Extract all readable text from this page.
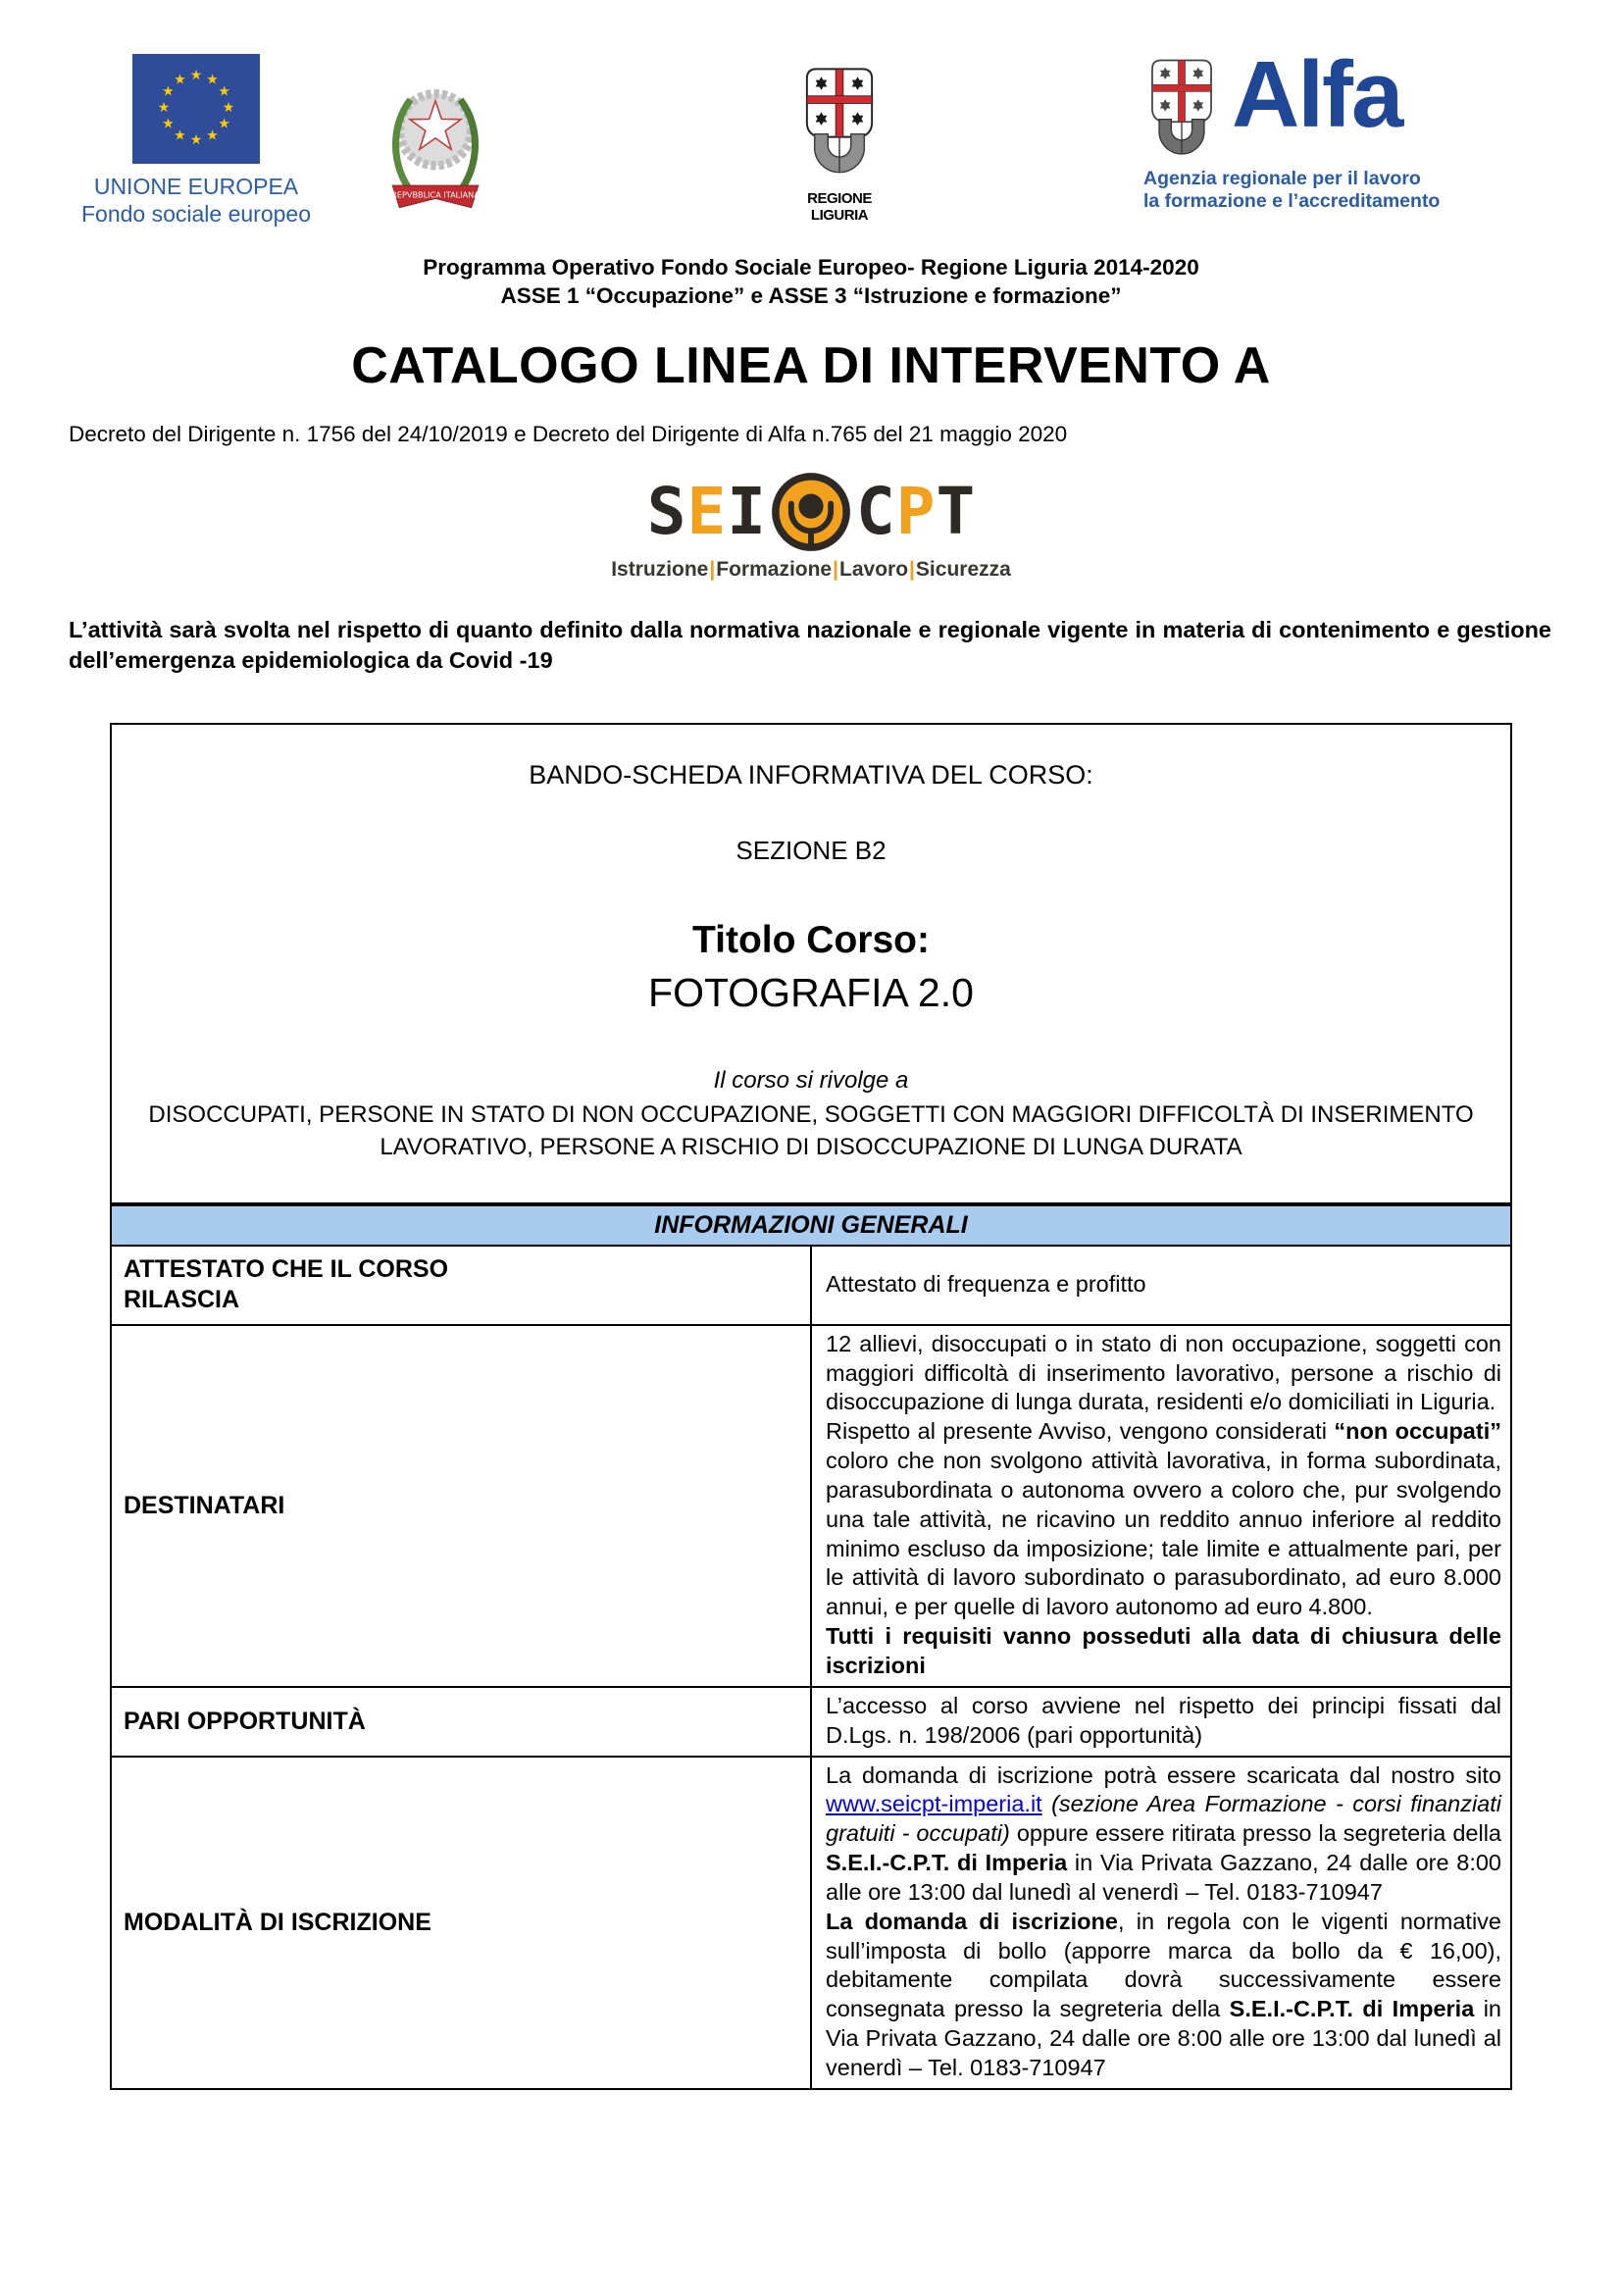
★ ★
★
★
★
★
★
★
★
★
★
★
UNIONE EUROPEA
Fondo sociale europeo
REPVBBLICA ITALIANA	REGIONE LIGURIA
Alfa
Agenzia regionale per il lavoro
la formazione e l’accreditamento
Programma Operativo Fondo Sociale Europeo- Regione Liguria 2014-2020
ASSE 1 “Occupazione” e ASSE 3 “Istruzione e formazione”
CATALOGO LINEA DI INTERVENTO A
Decreto del Dirigente n. 1756 del 24/10/2019 e Decreto del Dirigente di Alfa n.765 del 21 maggio 2020
S E I C P T
Istruzione|Formazione|Lavoro|Sicurezza
L’attività sarà svolta nel rispetto di quanto definito dalla normativa nazionale e regionale vigente in materia di contenimento e gestione dell’emergenza epidemiologica da Covid -19
BANDO-SCHEDA INFORMATIVA DEL CORSO:
SEZIONE B2
Titolo Corso:
FOTOGRAFIA 2.0
Il corso si rivolge a
DISOCCUPATI, PERSONE IN STATO DI NON OCCUPAZIONE, SOGGETTI CON MAGGIORI DIFFICOLTÀ DI INSERIMENTO LAVORATIVO, PERSONE A RISCHIO DI DISOCCUPAZIONE DI LUNGA DURATA
INFORMAZIONI GENERALI	

ATTESTATO CHE IL CORSO RILASCIA	Attestato di frequenza e profitto

DESTINATARI	12 allievi, disoccupati o in stato di non occupazione, soggetti con maggiori difficoltà di inserimento lavorativo, persone a rischio di disoccupazione di lunga durata, residenti e/o domiciliati in Liguria.

Rispetto al presente Avviso, vengono considerati “non occupati” coloro che non svolgono attività lavorativa, in forma subordinata, parasubordinata o autonoma ovvero a coloro che, pur svolgendo una tale attività, ne ricavino un reddito annuo inferiore al reddito minimo escluso da imposizione; tale limite e attualmente pari, per le attività di lavoro subordinato o parasubordinato, ad euro 8.000 annui, e per quelle di lavoro autonomo ad euro 4.800.

Tutti i requisiti vanno posseduti alla data di chiusura delle iscrizioni

PARI OPPORTUNITÀ	L’accesso al corso avviene nel rispetto dei principi fissati dal D.Lgs. n. 198/2006 (pari opportunità)

MODALITÀ DI ISCRIZIONE	La domanda di iscrizione potrà essere scaricata dal nostro sito www.seicpt-imperia.it (sezione Area Formazione - corsi finanziati gratuiti - occupati) oppure essere ritirata presso la segreteria della S.E.I.-C.P.T. di Imperia in Via Privata Gazzano, 24 dalle ore 8:00 alle ore 13:00 dal lunedì al venerdì – Tel. 0183-710947

La domanda di iscrizione, in regola con le vigenti normative sull’imposta di bollo (apporre marca da bollo da € 16,00), debitamente compilata dovrà successivamente essere consegnata presso la segreteria della S.E.I.-C.P.T. di Imperia in Via Privata Gazzano, 24 dalle ore 8:00 alle ore 13:00 dal lunedì al venerdì – Tel. 0183-710947
